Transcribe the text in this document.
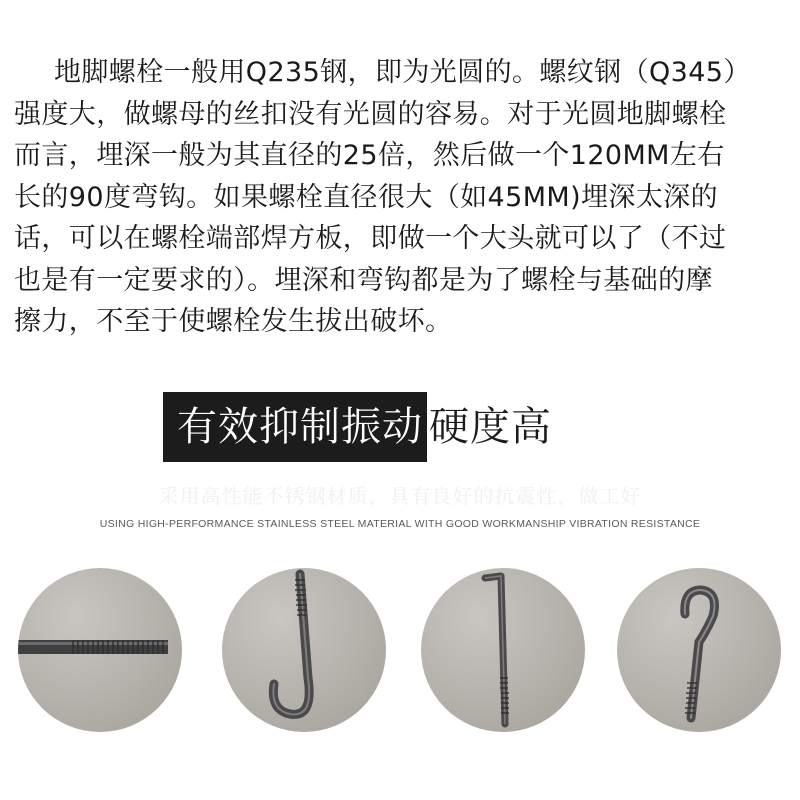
地脚螺栓一般用Q235钢，即为光圆的。螺纹钢（Q345）
强度大，做螺母的丝扣没有光圆的容易。对于光圆地脚螺栓
而言，埋深一般为其直径的25倍，然后做一个120MM左右
长的90度弯钩。如果螺栓直径很大（如45MM)埋深太深的
话，可以在螺栓端部焊方板，即做一个大头就可以了（不过
也是有一定要求的）。埋深和弯钩都是为了螺栓与基础的摩
擦力，不至于使螺栓发生拔出破坏。
有效抑制振动 硬度高
采用高性能不锈钢材质，具有良好的抗震性，做工好
USING HIGH-PERFORMANCE STAINLESS STEEL MATERIAL WITH GOOD WORKMANSHIP VIBRATION RESISTANCE
